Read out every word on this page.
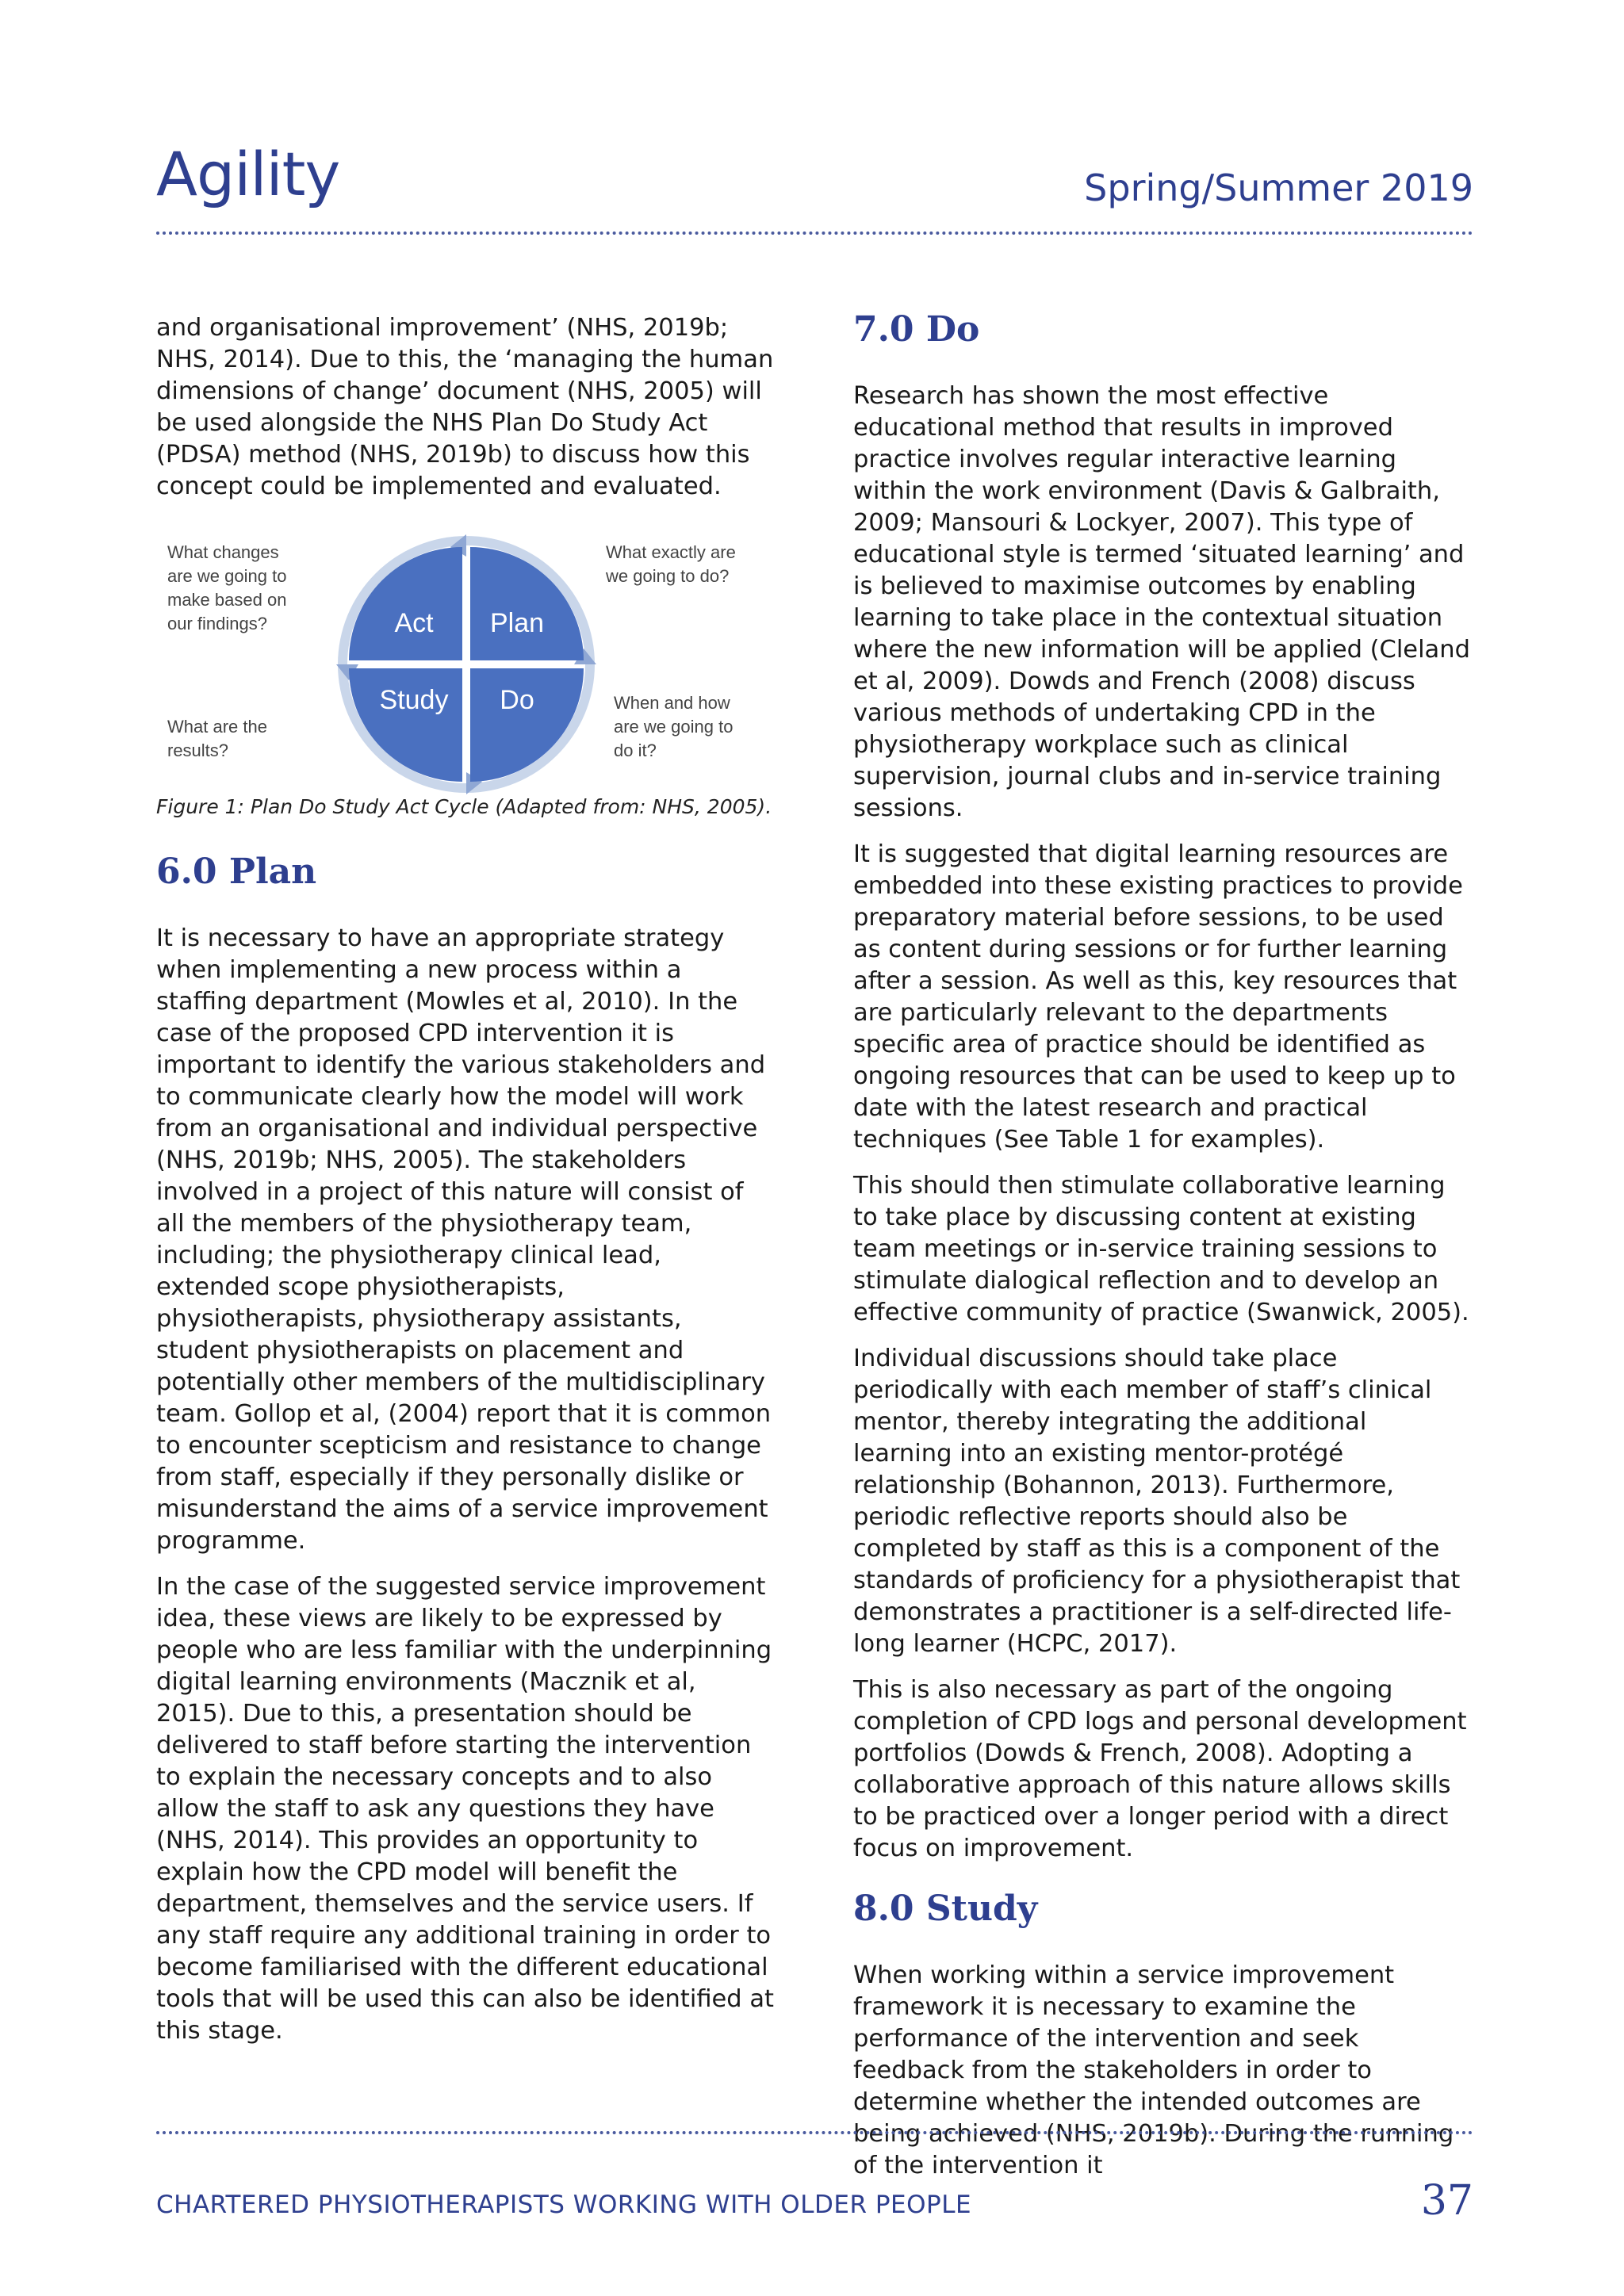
Agility	Spring/Summer 2019

and organisational improvement’ (NHS, 2019b; NHS, 2014). Due to this, the ‘managing the human dimensions of change’ document (NHS, 2005) will be used alongside the NHS Plan Do Study Act (PDSA) method (NHS, 2019b) to discuss how this concept could be implemented and evaluated.

Act Plan
Study Do
What changes
are we going to
make based on
our findings?
What exactly are
we going to do?
What are the
results?
When and how
are we going to
do it?

Figure 1: Plan Do Study Act Cycle (Adapted from: NHS, 2005).

6.0 Plan

It is necessary to have an appropriate strategy when implementing a new process within a staffing department (Mowles et al, 2010). In the case of the proposed CPD intervention it is important to identify the various stakeholders and to communicate clearly how the model will work from an organisational and individual perspective (NHS, 2019b; NHS, 2005). The stakeholders involved in a project of this nature will consist of all the members of the physiotherapy team, including; the physiotherapy clinical lead, extended scope physiotherapists, physiotherapists, physiotherapy assistants, student physiotherapists on placement and potentially other members of the multidisciplinary team. Gollop et al, (2004) report that it is common to encounter scepticism and resistance to change from staff, especially if they personally dislike or misunderstand the aims of a service improvement programme.

In the case of the suggested service improvement idea, these views are likely to be expressed by people who are less familiar with the underpinning digital learning environments (Macznik et al, 2015). Due to this, a presentation should be delivered to staff before starting the intervention to explain the necessary concepts and to also allow the staff to ask any questions they have (NHS, 2014). This provides an opportunity to explain how the CPD model will benefit the department, themselves and the service users. If any staff require any additional training in order to become familiarised with the different educational tools that will be used this can also be identified at this stage.

7.0 Do

Research has shown the most effective educational method that results in improved practice involves regular interactive learning within the work environment (Davis & Galbraith, 2009; Mansouri & Lockyer, 2007). This type of educational style is termed ‘situated learning’ and is believed to maximise outcomes by enabling learning to take place in the contextual situation where the new information will be applied (Cleland et al, 2009). Dowds and French (2008) discuss various methods of undertaking CPD in the physiotherapy workplace such as clinical supervision, journal clubs and in-service training sessions.

It is suggested that digital learning resources are embedded into these existing practices to provide preparatory material before sessions, to be used as content during sessions or for further learning after a session. As well as this, key resources that are particularly relevant to the departments specific area of practice should be identified as ongoing resources that can be used to keep up to date with the latest research and practical techniques (See Table 1 for examples).

This should then stimulate collaborative learning to take place by discussing content at existing team meetings or in-service training sessions to stimulate dialogical reflection and to develop an effective community of practice (Swanwick, 2005).

Individual discussions should take place periodically with each member of staff’s clinical mentor, thereby integrating the additional learning into an existing mentor-protégé relationship (Bohannon, 2013). Furthermore, periodic reflective reports should also be completed by staff as this is a component of the standards of proficiency for a physiotherapist that demonstrates a practitioner is a self-directed life-long learner (HCPC, 2017).

This is also necessary as part of the ongoing completion of CPD logs and personal development portfolios (Dowds & French, 2008). Adopting a collaborative approach of this nature allows skills to be practiced over a longer period with a direct focus on improvement.

8.0 Study

When working within a service improvement framework it is necessary to examine the performance of the intervention and seek feedback from the stakeholders in order to determine whether the intended outcomes are being achieved (NHS, 2019b). During the running of the intervention it

CHARTERED PHYSIOTHERAPISTS WORKING WITH OLDER PEOPLE	37
